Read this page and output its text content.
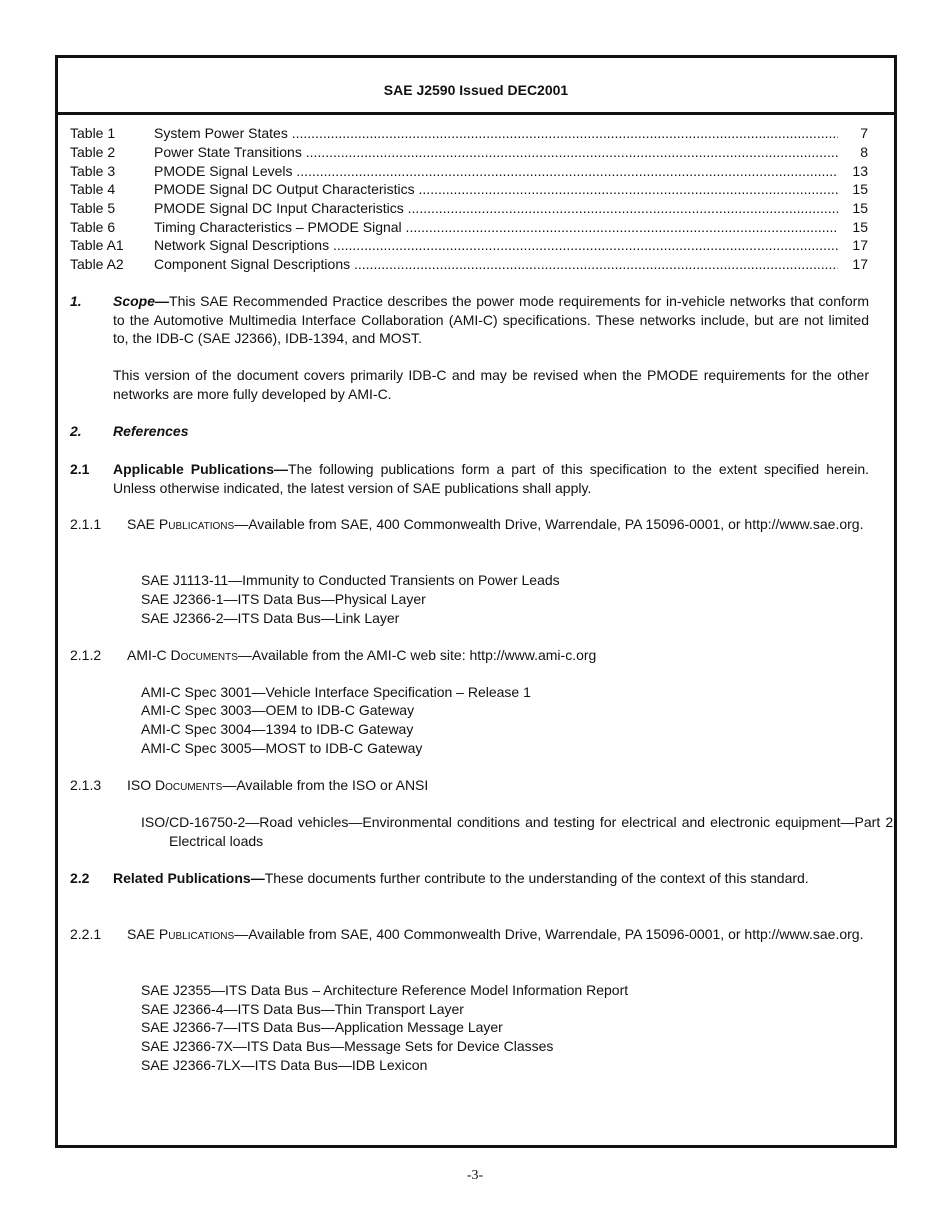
SAE J2590 Issued DEC2001
Table 1	System Power States .....	7
Table 2	Power State Transitions .....	8
Table 3	PMODE Signal Levels .....	13
Table 4	PMODE Signal DC Output Characteristics .....	15
Table 5	PMODE Signal DC Input Characteristics .....	15
Table 6	Timing Characteristics – PMODE Signal .....	15
Table A1 Network Signal Descriptions .....	17
Table A2 Component Signal Descriptions .....	17
1. Scope—This SAE Recommended Practice describes the power mode requirements for in-vehicle networks that conform to the Automotive Multimedia Interface Collaboration (AMI-C) specifications. These networks include, but are not limited to, the IDB-C (SAE J2366), IDB-1394, and MOST.
This version of the document covers primarily IDB-C and may be revised when the PMODE requirements for the other networks are more fully developed by AMI-C.
2. References
2.1 Applicable Publications—The following publications form a part of this specification to the extent specified herein. Unless otherwise indicated, the latest version of SAE publications shall apply.
2.1.1 SAE Publications—Available from SAE, 400 Commonwealth Drive, Warrendale, PA 15096-0001, or http://www.sae.org.
SAE J1113-11—Immunity to Conducted Transients on Power Leads
SAE J2366-1—ITS Data Bus—Physical Layer
SAE J2366-2—ITS Data Bus—Link Layer
2.1.2 AMI-C Documents—Available from the AMI-C web site: http://www.ami-c.org
AMI-C Spec 3001—Vehicle Interface Specification – Release 1
AMI-C Spec 3003—OEM to IDB-C Gateway
AMI-C Spec 3004—1394 to IDB-C Gateway
AMI-C Spec 3005—MOST to IDB-C Gateway
2.1.3 ISO Documents—Available from the ISO or ANSI
ISO/CD-16750-2—Road vehicles—Environmental conditions and testing for electrical and electronic equipment—Part 2: Electrical loads
2.2 Related Publications—These documents further contribute to the understanding of the context of this standard.
2.2.1 SAE Publications—Available from SAE, 400 Commonwealth Drive, Warrendale, PA 15096-0001, or http://www.sae.org.
SAE J2355—ITS Data Bus – Architecture Reference Model Information Report
SAE J2366-4—ITS Data Bus—Thin Transport Layer
SAE J2366-7—ITS Data Bus—Application Message Layer
SAE J2366-7X—ITS Data Bus—Message Sets for Device Classes
SAE J2366-7LX—ITS Data Bus—IDB Lexicon
-3-
